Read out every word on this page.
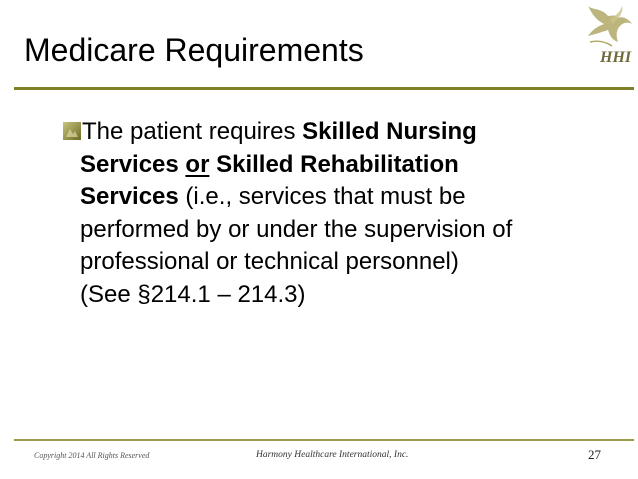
Medicare Requirements	HHI
The patient requires Skilled Nursing
Services or Skilled Rehabilitation
Services (i.e., services that must be
performed by or under the supervision of
professional or technical personnel)
(See §214.1 – 214.3)
Copyright 2014 All Rights Reserved	Harmony Healthcare International, Inc.	27
